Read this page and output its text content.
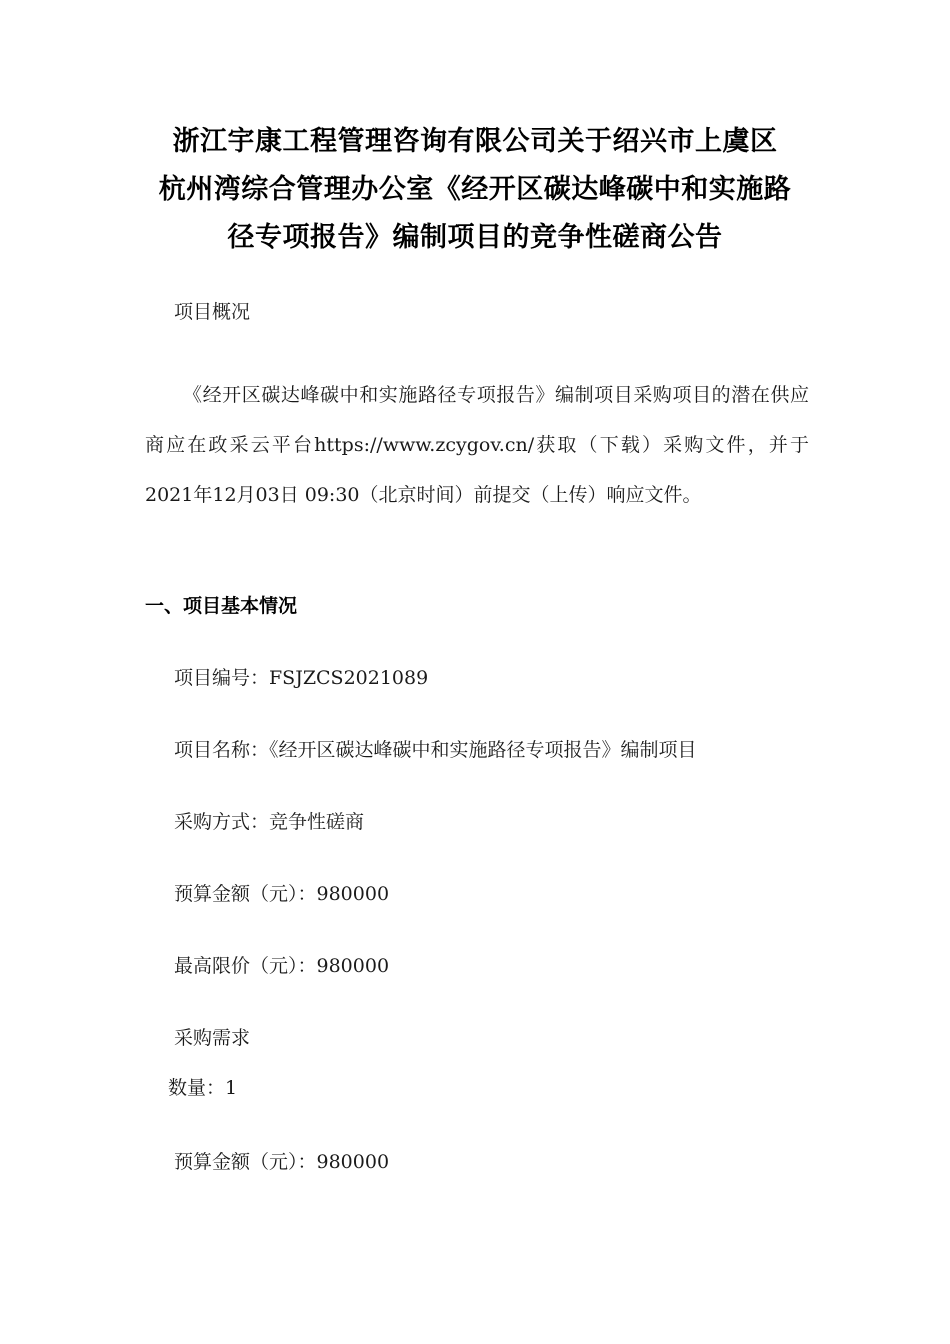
浙江宇康工程管理咨询有限公司关于绍兴市上虞区
杭州湾综合管理办公室《经开区碳达峰碳中和实施路
径专项报告》编制项目的竞争性磋商公告
项目概况
《经开区碳达峰碳中和实施路径专项报告》编制项目采购项目的潜在供应商应在政采云平台https://www.zcygov.cn/获取（下载）采购文件，并于2021年12月03日 09:30（北京时间）前提交（上传）响应文件。
一、项目基本情况
项目编号：FSJZCS2021089
项目名称：《经开区碳达峰碳中和实施路径专项报告》编制项目
采购方式：竞争性磋商
预算金额（元）：980000
最高限价（元）：980000
采购需求
数量：1
预算金额（元）：980000
